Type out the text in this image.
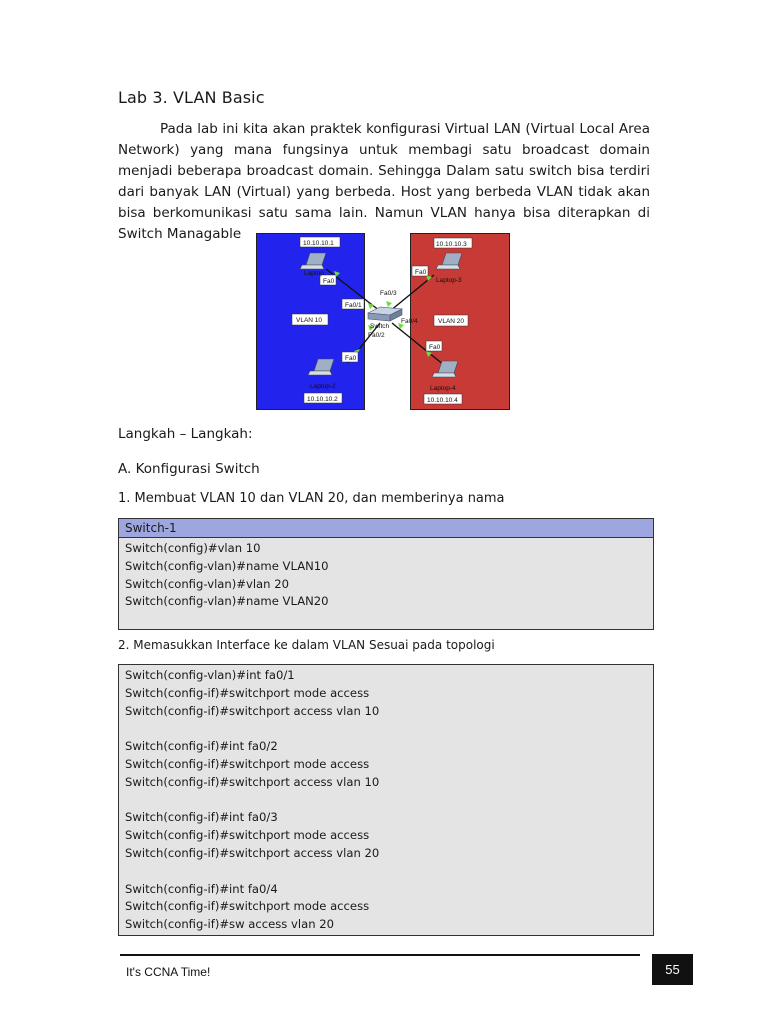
Lab 3. VLAN Basic

Pada lab ini kita akan praktek konfigurasi Virtual LAN (Virtual Local Area Network) yang mana fungsinya untuk membagi satu broadcast domain menjadi beberapa broadcast domain. Sehingga Dalam satu switch bisa terdiri dari banyak LAN (Virtual) yang berbeda. Host yang berbeda VLAN tidak akan bisa berkomunikasi satu sama lain. Namun VLAN hanya bisa diterapkan di Switch Managable

Switch
10.10.10.1	10.10.10.3
10.10.10.2	10.10.10.4
Laptop
Laptop-2
Laptop-3
Laptop-4
Fa0
Fa0
Fa0
Fa0
Fa0/1
Fa0/3
Fa0/4
Fa0/2
VLAN 10	VLAN 20
Langkah – Langkah:
A. Konfigurasi Switch
1. Membuat VLAN 10 dan VLAN 20, dan memberinya nama
Switch-1
Switch(config)#vlan 10
Switch(config-vlan)#name VLAN10
Switch(config-vlan)#vlan 20
Switch(config-vlan)#name VLAN20
2. Memasukkan Interface ke dalam VLAN Sesuai pada topologi
Switch(config-vlan)#int fa0/1
Switch(config-if)#switchport mode access
Switch(config-if)#switchport access vlan 10
Switch(config-if)#int fa0/2
Switch(config-if)#switchport mode access
Switch(config-if)#switchport access vlan 10
Switch(config-if)#int fa0/3
Switch(config-if)#switchport mode access
Switch(config-if)#switchport access vlan 20
Switch(config-if)#int fa0/4
Switch(config-if)#switchport mode access
Switch(config-if)#sw access vlan 20
It's CCNA Time!	55
